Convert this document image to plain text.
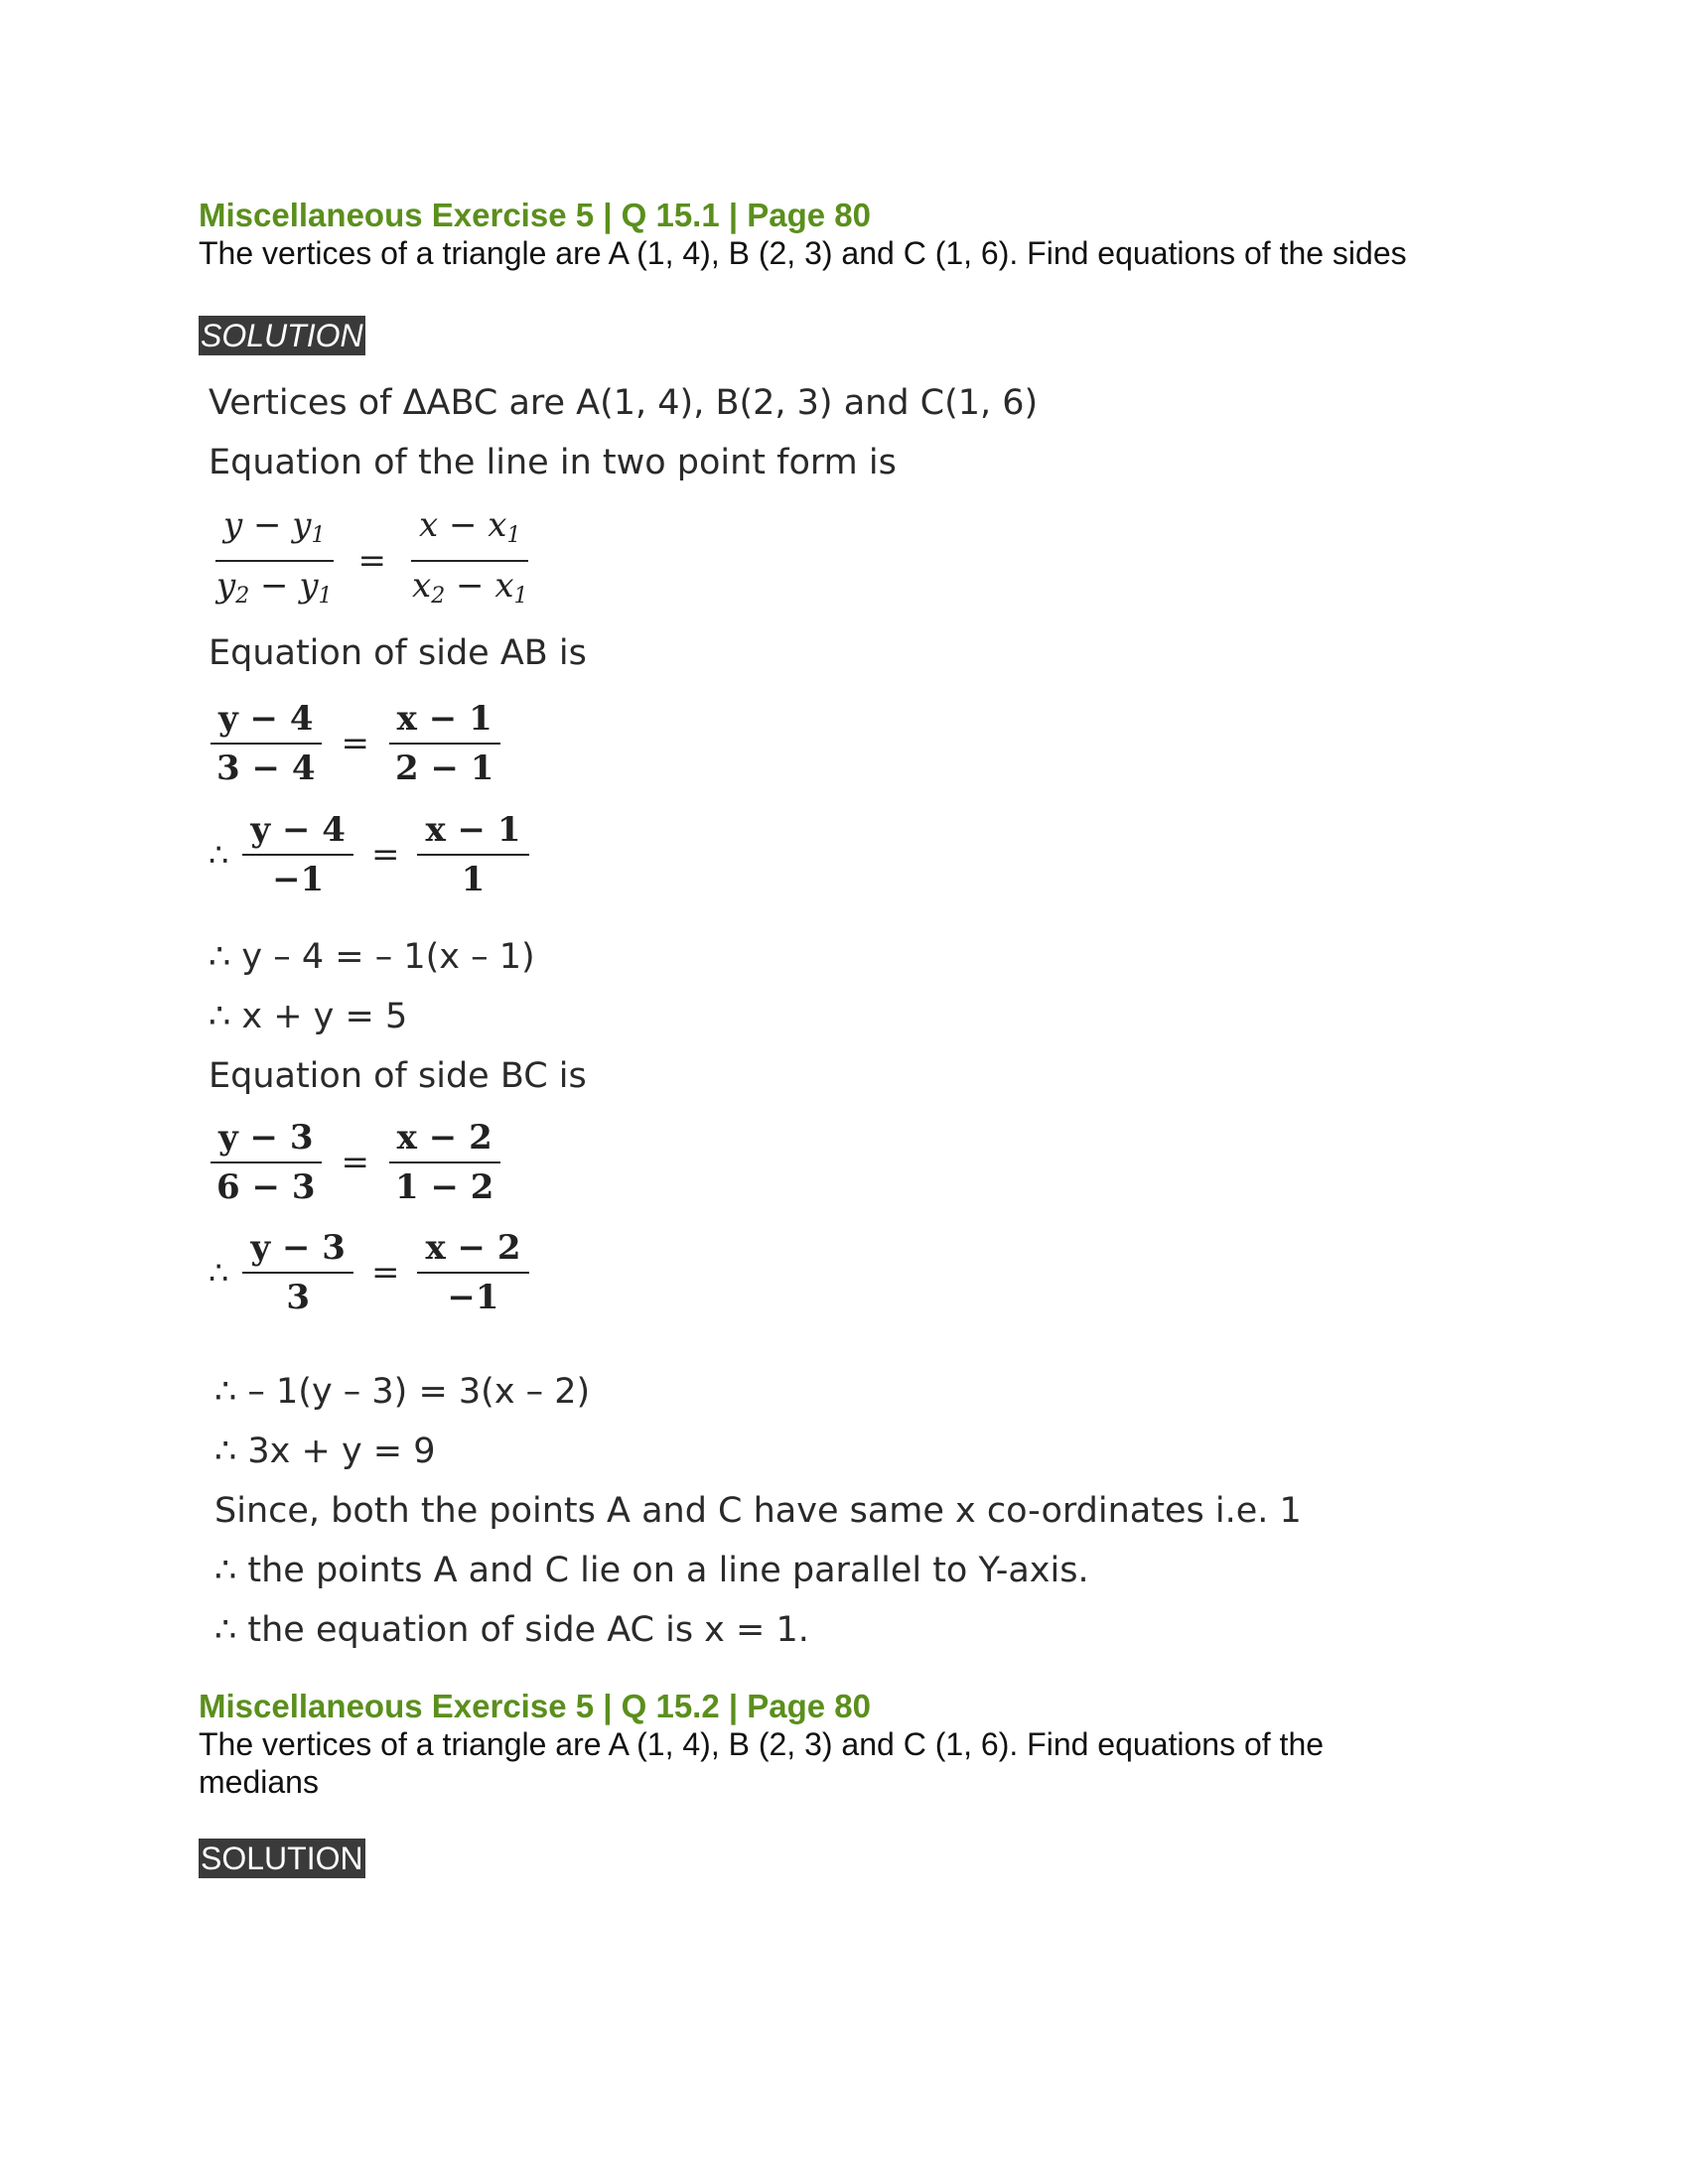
Miscellaneous Exercise 5 | Q 15.1 | Page 80
The vertices of a triangle are A (1, 4), B (2, 3) and C (1, 6). Find equations of the sides
SOLUTION
Vertices of ΔABC are A(1, 4), B(2, 3) and C(1, 6)
Equation of the line in two point form is
$\frac{y - y_1}{y_2 - y_1} = \frac{x - x_1}{x_2 - x_1}$
Equation of side AB is
$\frac{y - 4}{3 - 4} = \frac{x - 1}{2 - 1}$
∴ $\frac{y - 4}{-1} = \frac{x - 1}{1}$
∴ y – 4 = – 1(x – 1)
∴ x + y = 5
Equation of side BC is
$\frac{y - 3}{6 - 3} = \frac{x - 2}{1 - 2}$
∴ $\frac{y - 3}{3} = \frac{x - 2}{-1}$
∴ – 1(y – 3) = 3(x – 2)
∴ 3x + y = 9
Since, both the points A and C have same x co-ordinates i.e. 1
∴ the points A and C lie on a line parallel to Y-axis.
∴ the equation of side AC is x = 1.
Miscellaneous Exercise 5 | Q 15.2 | Page 80
The vertices of a triangle are A (1, 4), B (2, 3) and C (1, 6). Find equations of the medians
SOLUTION
